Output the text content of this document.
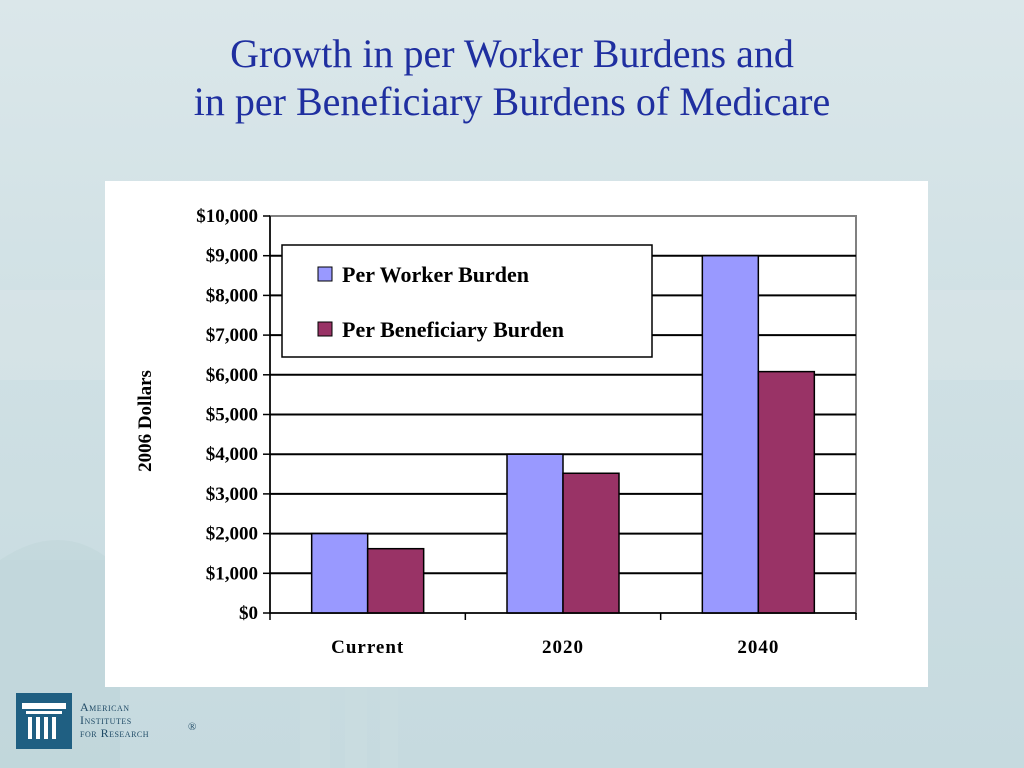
Growth in per Worker Burdens and
in per Beneficiary Burdens of Medicare
$0
$1,000
$2,000
$3,000
$4,000
$5,000
$6,000
$7,000
$8,000
$9,000
$10,000
Current	2020	2040
Per Worker Burden
Per Beneficiary Burden
2006 Dollars
American
Institutes
for Research	®
